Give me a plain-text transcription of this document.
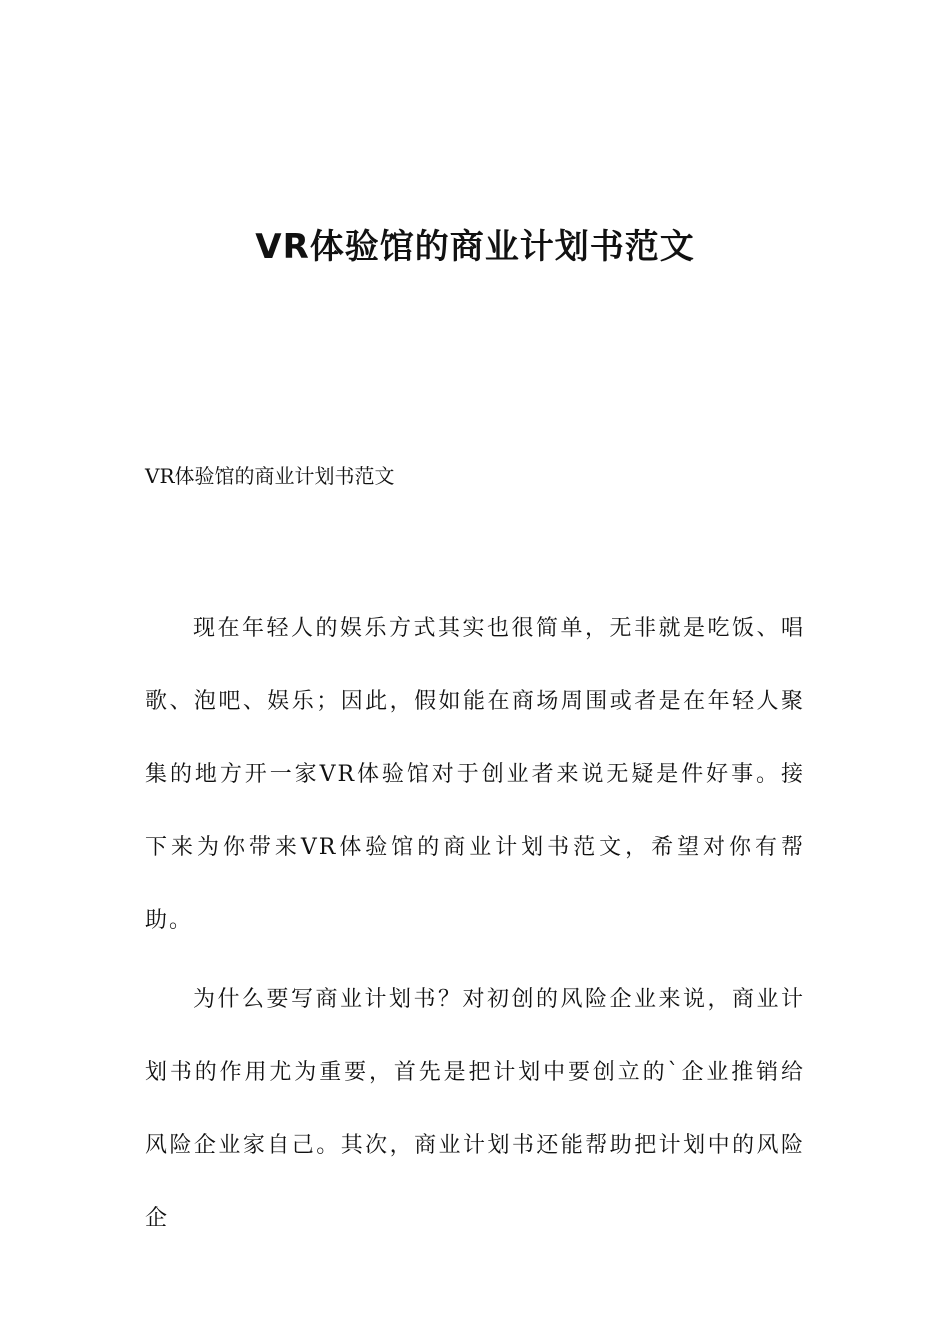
VR体验馆的商业计划书范文

VR体验馆的商业计划书范文

现在年轻人的娱乐方式其实也很简单，无非就是吃饭、唱歌、泡吧、娱乐；因此，假如能在商场周围或者是在年轻人聚集的地方开一家VR体验馆对于创业者来说无疑是件好事。接下来为你带来VR体验馆的商业计划书范文，希望对你有帮助。

为什么要写商业计划书？对初创的风险企业来说，商业计划书的作用尤为重要，首先是把计划中要创立的`企业推销给风险企业家自己。其次，商业计划书还能帮助把计划中的风险企
